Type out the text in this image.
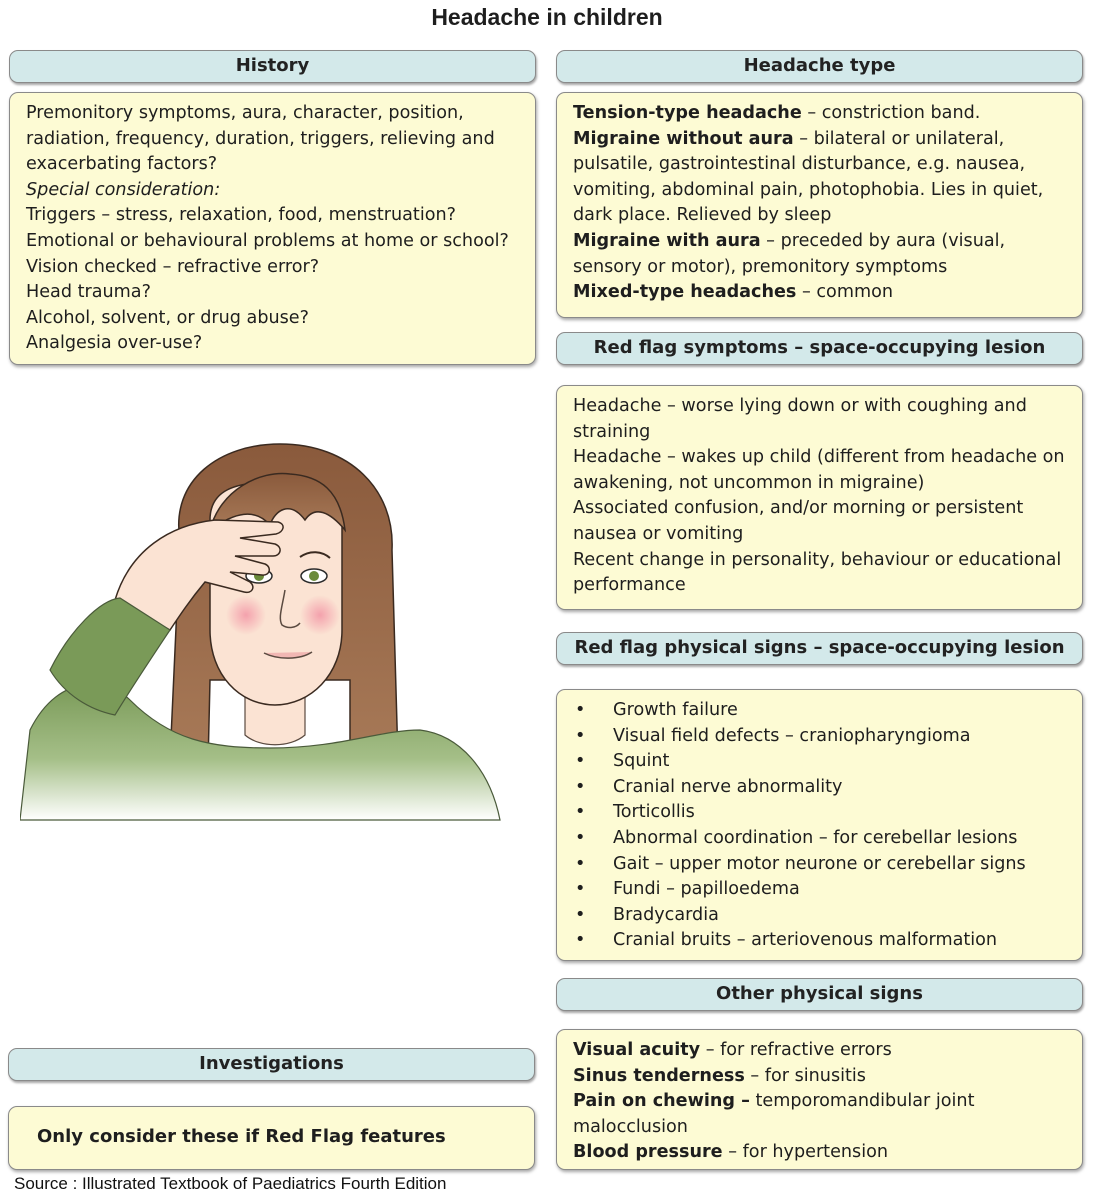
Headache in children
History
Premonitory symptoms, aura, character, position,
radiation, frequency, duration, triggers, relieving and
exacerbating factors?
Special consideration:
Triggers – stress, relaxation, food, menstruation?
Emotional or behavioural problems at home or school?
Vision checked – refractive error?
Head trauma?
Alcohol, solvent, or drug abuse?
Analgesia over-use?
Headache type
Tension-type headache – constriction band.
Migraine without aura – bilateral or unilateral, pulsatile, gastrointestinal disturbance, e.g. nausea, vomiting, abdominal pain, photophobia. Lies in quiet, dark place. Relieved by sleep
Migraine with aura – preceded by aura (visual, sensory or motor), premonitory symptoms
Mixed-type headaches – common
Red flag symptoms – space-occupying lesion
Headache – worse lying down or with coughing and straining
Headache – wakes up child (different from headache on awakening, not uncommon in migraine)
Associated confusion, and/or morning or persistent nausea or vomiting
Recent change in personality, behaviour or educational performance
Red flag physical signs – space-occupying lesion
• Growth failure
• Visual field defects – craniopharyngioma
• Squint
• Cranial nerve abnormality
• Torticollis
• Abnormal coordination – for cerebellar lesions
• Gait – upper motor neurone or cerebellar signs
• Fundi – papilloedema
• Bradycardia
• Cranial bruits – arteriovenous malformation
Other physical signs
Visual acuity – for refractive errors
Sinus tenderness – for sinusitis
Pain on chewing – temporomandibular joint malocclusion
Blood pressure – for hypertension
Investigations
Only consider these if Red Flag features
Source : Illustrated Textbook of Paediatrics Fourth Edition
